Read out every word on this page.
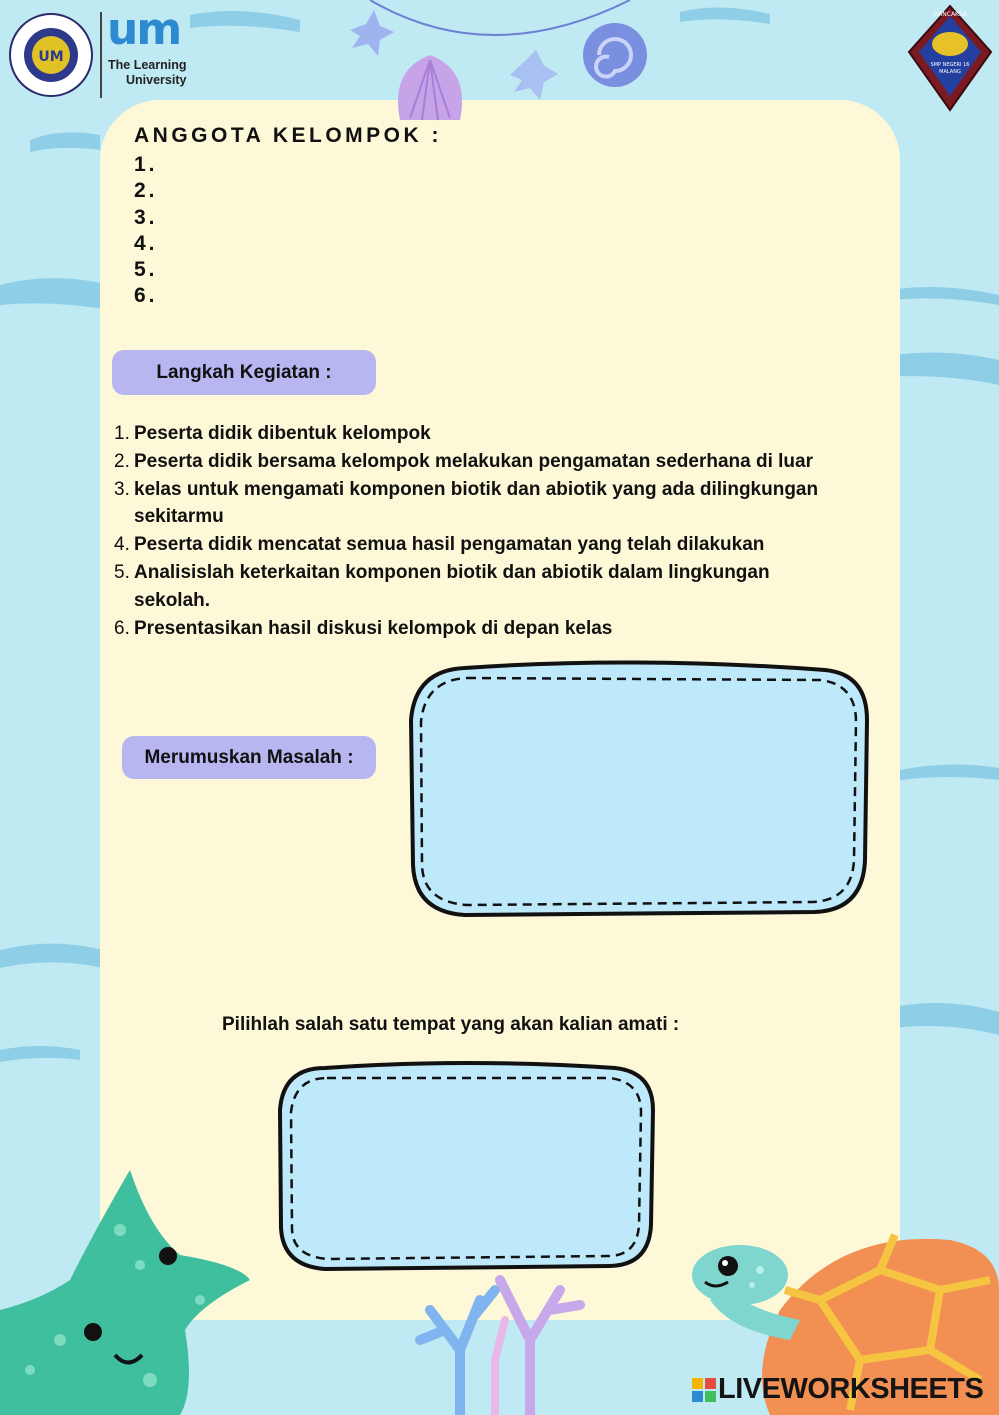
UM
um
The Learning
University
MANCAKSA
SMP NEGERI 16
MALANG
ANGGOTA KELOMPOK :
1.
2.
3.
4.
5.
6.
Langkah Kegiatan :
1. Peserta didik dibentuk kelompok
2. Peserta didik bersama kelompok melakukan pengamatan sederhana di luar
3. kelas untuk mengamati komponen biotik dan abiotik yang ada dilingkungan
sekitarmu
4. Peserta didik mencatat semua hasil pengamatan yang telah dilakukan
5. Analisislah keterkaitan komponen biotik dan abiotik dalam lingkungan
sekolah.
6. Presentasikan hasil diskusi kelompok di depan kelas
Merumuskan Masalah :
Pilihlah salah satu tempat yang akan kalian amati :
LIVEWORKSHEETS
